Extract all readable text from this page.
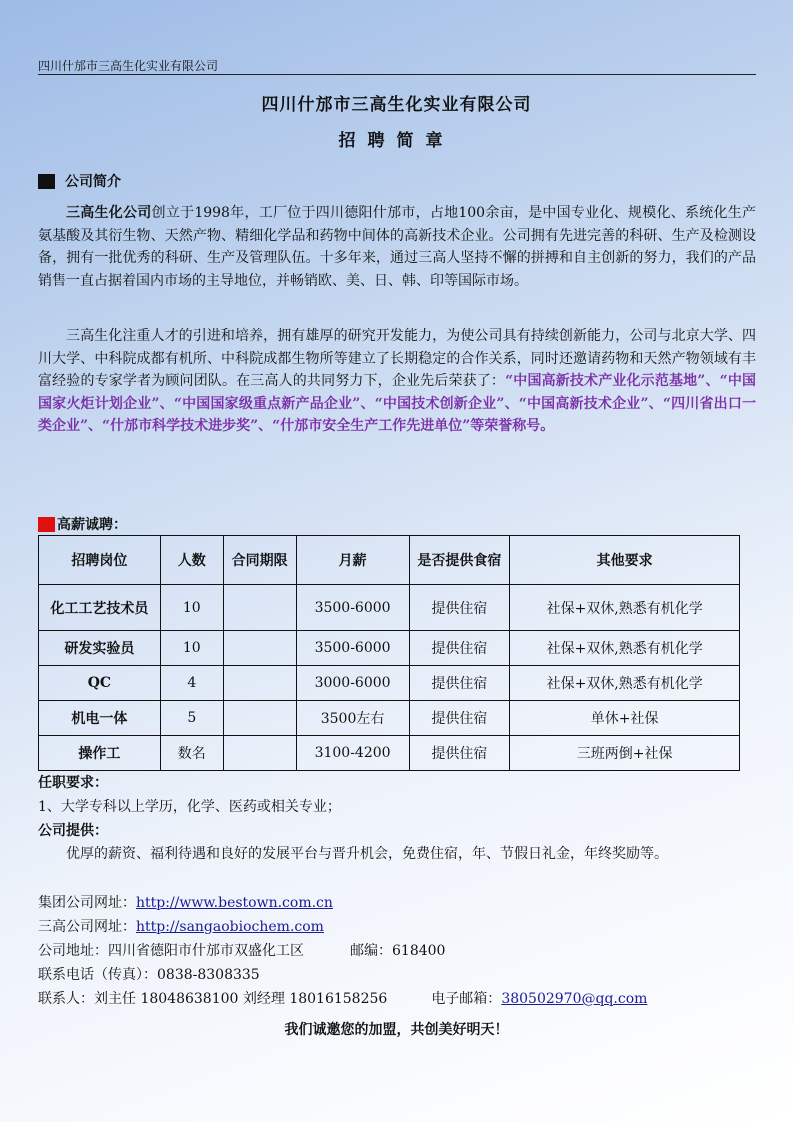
四川什邡市三高生化实业有限公司
四川什邡市三高生化实业有限公司
招聘简章
公司简介

三高生化公司创立于1998年，工厂位于四川德阳什邡市，占地100余亩，是中国专业化、规模化、系统化生产氨基酸及其衍生物、天然产物、精细化学品和药物中间体的高新技术企业。公司拥有先进完善的科研、生产及检测设备，拥有一批优秀的科研、生产及管理队伍。十多年来，通过三高人坚持不懈的拼搏和自主创新的努力，我们的产品销售一直占据着国内市场的主导地位，并畅销欧、美、日、韩、印等国际市场。

三高生化注重人才的引进和培养，拥有雄厚的研究开发能力，为使公司具有持续创新能力，公司与北京大学、四川大学、中科院成都有机所、中科院成都生物所等建立了长期稳定的合作关系，同时还邀请药物和天然产物领域有丰富经验的专家学者为顾问团队。在三高人的共同努力下，企业先后荣获了：“中国高新技术产业化示范基地”、“中国国家火炬计划企业”、“中国国家级重点新产品企业”、“中国技术创新企业”、“中国高新技术企业”、“四川省出口一类企业”、“什邡市科学技术进步奖”、“什邡市安全生产工作先进单位”等荣誉称号。

高薪诚聘：
招聘岗位	人数	合同期限	月薪	是否提供食宿	其他要求
化工工艺技术员	10		3500-6000	提供住宿	社保+双休,熟悉有机化学
研发实验员	10		3500-6000	提供住宿	社保+双休,熟悉有机化学
QC	4		3000-6000	提供住宿	社保+双休,熟悉有机化学
机电一体	5		3500左右	提供住宿	单休+社保
操作工	数名		3100-4200	提供住宿	三班两倒+社保
任职要求：
1、大学专科以上学历，化学、医药或相关专业；
公司提供：

优厚的薪资、福利待遇和良好的发展平台与晋升机会，免费住宿，年、节假日礼金，年终奖励等。

集团公司网址：http://www.bestown.com.cn
三高公司网址：http://sangaobiochem.com
公司地址：四川省德阳市什邡市双盛化工区	邮编：618400
联系电话（传真）：0838-8308335
联系人：刘主任 18048638100 刘经理 18016158256	电子邮箱：380502970@qq.com
我们诚邀您的加盟，共创美好明天！
